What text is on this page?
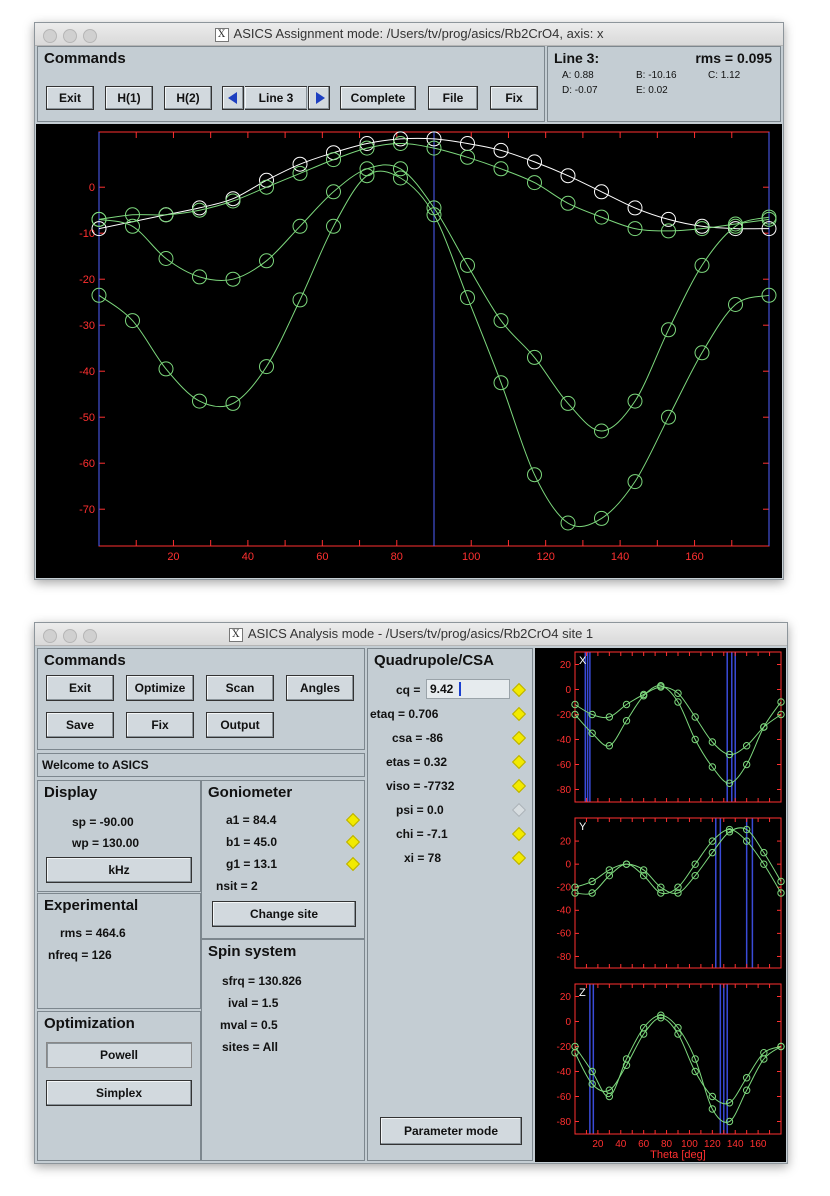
X ASICS Assignment mode: /Users/tv/prog/asics/Rb2CrO4, axis: x
Commands
Exit	H(1)	H(2)	Line 3	Complete	File	Fix
Line 3:	rms = 0.095
A: 0.88	B: -10.16	C: 1.12
D: -0.07	E: 0.02
0
-10
-20
-30
-40
-50
-60
-70
20	40	60	80	100	120	140	160
X ASICS Analysis mode - /Users/tv/prog/asics/Rb2CrO4 site 1
Commands
Exit	Optimize	Scan	Angles
Save	Fix	Output
Welcome to ASICS
Display
sp = -90.00
wp = 130.00
kHz
Goniometer
a1 = 84.4
b1 = 45.0
g1 = 13.1
nsit = 2
Change site
Experimental
rms = 464.6
nfreq = 126	Spin system
sfrq = 130.826
ival = 1.5
mval = 0.5
sites = All
Optimization
Powell
Simplex
Quadrupole/CSA
cq = 9.42
etaq = 0.706
csa = -86
etas = 0.32
viso = -7732
psi = 0.0
chi = -7.1
xi = 78
Parameter mode
20
0
-20
-40
-60
-80
X
20
0
-20
-40
-60
-80
Y
20
0
-20
-40
-60
-80
20 40 60 80 100 120 140 160
Z
Theta [deg]
